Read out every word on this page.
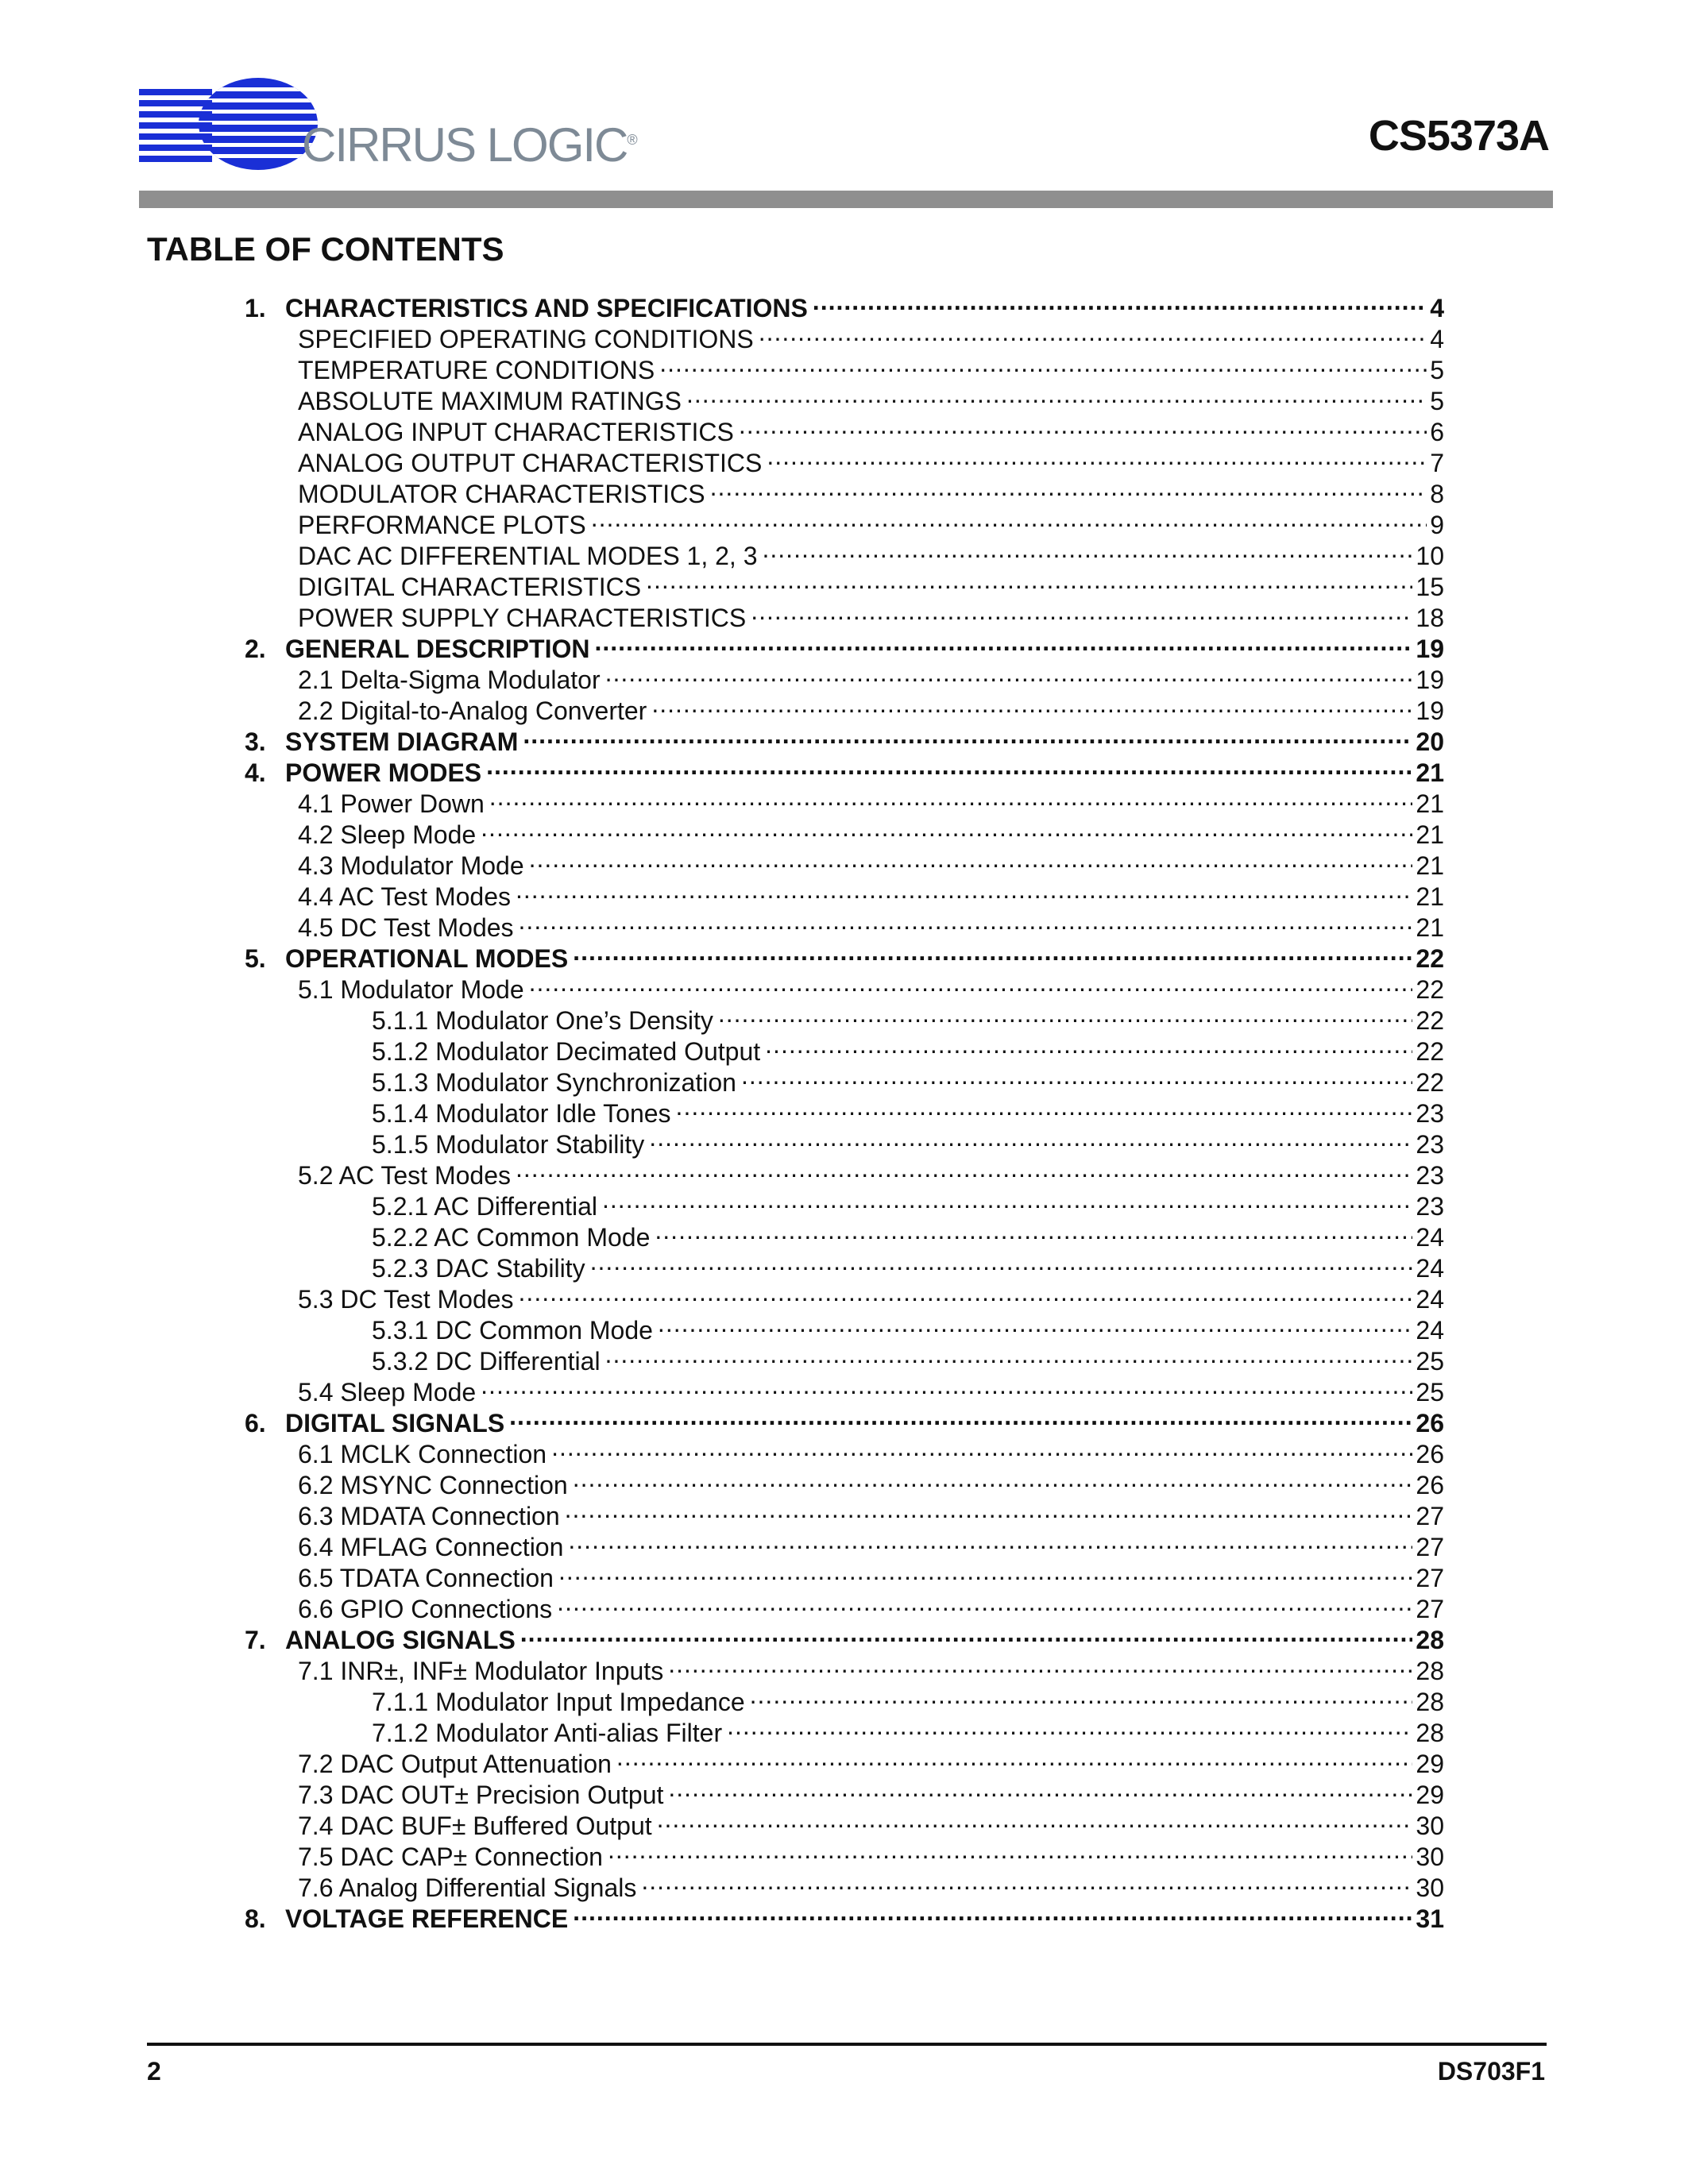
CIRRUS LOGIC®	CS5373A
TABLE OF CONTENTS
1. CHARACTERISTICS AND SPECIFICATIONS .....	4
SPECIFIED OPERATING CONDITIONS .....	4
TEMPERATURE CONDITIONS .....	5
ABSOLUTE MAXIMUM RATINGS .....	5
ANALOG INPUT CHARACTERISTICS .....	6
ANALOG OUTPUT CHARACTERISTICS .....	7
MODULATOR CHARACTERISTICS .....	8
PERFORMANCE PLOTS .....	9
DAC AC DIFFERENTIAL MODES 1, 2, 3 .....	10
DIGITAL CHARACTERISTICS .....	15
POWER SUPPLY CHARACTERISTICS .....	18
2. GENERAL DESCRIPTION .....	19
2.1 Delta-Sigma Modulator .....	19
2.2 Digital-to-Analog Converter .....	19
3. SYSTEM DIAGRAM .....	20
4. POWER MODES .....	21
4.1 Power Down .....	21
4.2 Sleep Mode .....	21
4.3 Modulator Mode .....	21
4.4 AC Test Modes .....	21
4.5 DC Test Modes .....	21
5. OPERATIONAL MODES .....	22
5.1 Modulator Mode .....	22
5.1.1 Modulator One’s Density .....	22
5.1.2 Modulator Decimated Output .....	22
5.1.3 Modulator Synchronization .....	22
5.1.4 Modulator Idle Tones .....	23
5.1.5 Modulator Stability .....	23
5.2 AC Test Modes .....	23
5.2.1 AC Differential .....	23
5.2.2 AC Common Mode .....	24
5.2.3 DAC Stability .....	24
5.3 DC Test Modes .....	24
5.3.1 DC Common Mode .....	24
5.3.2 DC Differential .....	25
5.4 Sleep Mode .....	25
6. DIGITAL SIGNALS .....	26
6.1 MCLK Connection .....	26
6.2 MSYNC Connection .....	26
6.3 MDATA Connection .....	27
6.4 MFLAG Connection .....	27
6.5 TDATA Connection .....	27
6.6 GPIO Connections .....	27
7. ANALOG SIGNALS .....	28
7.1 INR±, INF± Modulator Inputs .....	28
7.1.1 Modulator Input Impedance .....	28
7.1.2 Modulator Anti-alias Filter .....	28
7.2 DAC Output Attenuation .....	29
7.3 DAC OUT± Precision Output .....	29
7.4 DAC BUF± Buffered Output .....	30
7.5 DAC CAP± Connection .....	30
7.6 Analog Differential Signals .....	30
8. VOLTAGE REFERENCE .....	31
2	DS703F1
